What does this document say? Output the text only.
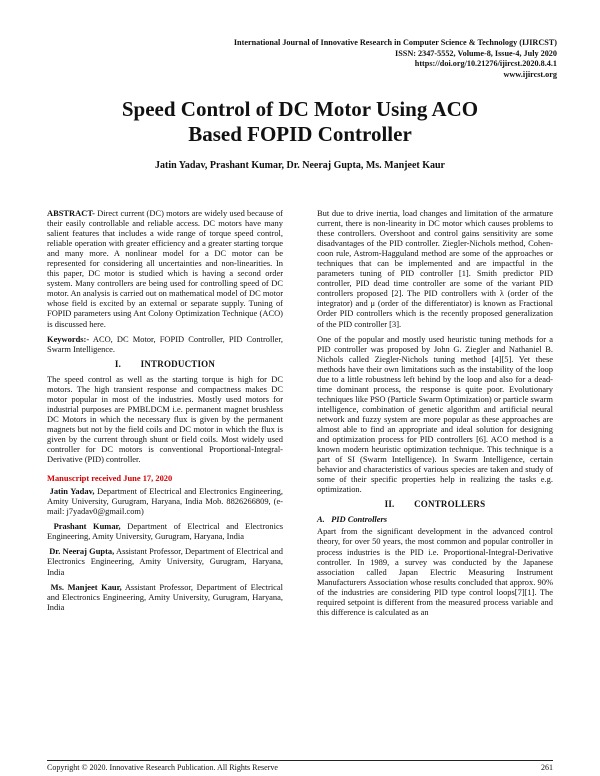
International Journal of Innovative Research in Computer Science & Technology (IJIRCST)
ISSN: 2347-5552, Volume-8, Issue-4, July 2020
https://doi.org/10.21276/ijircst.2020.8.4.1
www.ijircst.org
Speed Control of DC Motor Using ACO
Based FOPID Controller
Jatin Yadav, Prashant Kumar, Dr. Neeraj Gupta, Ms. Manjeet Kaur

ABSTRACT- Direct current (DC) motors are widely used because of their easily controllable and reliable access. DC motors have many salient features that includes a wide range of torque speed control, reliable operation with greater efficiency and a greater starting torque and many more. A nonlinear model for a DC motor can be represented for considering all uncertainties and non-linearities. In this paper, DC motor is studied which is having a second order system. Many controllers are being used for controlling speed of DC motor. An analysis is carried out on mathematical model of DC motor whose field is excited by an external or separate supply. Tuning of FOPID parameters using Ant Colony Optimization Technique (ACO) is discussed here.

Keywords:- ACO, DC Motor, FOPID Controller, PID Controller, Swarm Intelligence.

I.        INTRODUCTION

The speed control as well as the starting torque is high for DC motors. The high transient response and compactness makes DC motor popular in most of the industries. Mostly used motors for industrial purposes are PMBLDCM i.e. permanent magnet brushless DC Motors in which the necessary flux is given by the permanent magnets but not by the field coils and DC motor in which the flux is given by the current through shunt or field coils. Most widely used controller for DC motors is conventional Proportional-Integral-Derivative (PID) controller.

Manuscript received June 17, 2020

Jatin Yadav, Department of Electrical and Electronics Engineering, Amity University, Gurugram, Haryana, India Mob. 8826266809, (e-mail: j7yadav0@gmail.com)

Prashant Kumar, Department of Electrical and Electronics Engineering, Amity University, Gurugram, Haryana, India

Dr. Neeraj Gupta, Assistant Professor, Department of Electrical and Electronics Engineering, Amity University, Gurugram, Haryana, India

Ms. Manjeet Kaur, Assistant Professor, Department of Electrical and Electronics Engineering, Amity University, Gurugram, Haryana, India

But due to drive inertia, load changes and limitation of the armature current, there is non-linearity in DC motor which causes problems to these controllers. Overshoot and control gains sensitivity are some disadvantages of the PID controller. Ziegler-Nichols method, Cohen-coon rule, Astrom-Hagguland method are some of the approaches or techniques that can be implemented and are impactful in the parameters tuning of PID controller [1]. Smith predictor PID controller, PID dead time controller are some of the variant PID controllers proposed [2]. The PID controllers with λ (order of the integrator) and μ (order of the differentiator) is known as Fractional Order PID controllers which is the recently proposed generalization of the PID controller [3].

One of the popular and mostly used heuristic tuning methods for a PID controller was proposed by John G. Ziegler and Nathaniel B. Nichols called Ziegler-Nichols tuning method [4][5]. Yet these methods have their own limitations such as the instability of the loop due to a little robustness left behind by the loop and also for a dead-time dominant process, the response is quite poor. Evolutionary techniques like PSO (Particle Swarm Optimization) or particle swarm intelligence, combination of genetic algorithm and artificial neural network and fuzzy system are more popular as these approaches are almost able to find an appropriate and ideal solution for designing and optimization process for PID controllers [6]. ACO method is a known modern heuristic optimization technique. This technique is a part of SI (Swarm Intelligence). In Swarm Intelligence, certain behavior and characteristics of various species are taken and study of some of their specific properties help in realizing the tasks e.g. optimization.

II.        CONTROLLERS
A.   PID Controllers

Apart from the significant development in the advanced control theory, for over 50 years, the most common and popular controller in process industries is the PID i.e. Proportional-Integral-Derivative controller. In 1989, a survey was conducted by the Japanese association called Japan Electric Measuring Instrument Manufacturers Association whose results concluded that approx. 90% of the industries are considering PID type control loops[7][1]. The required setpoint is different from the measured process variable and this difference is calculated as an

Copyright © 2020. Innovative Research Publication. All Rights Reserve	261
